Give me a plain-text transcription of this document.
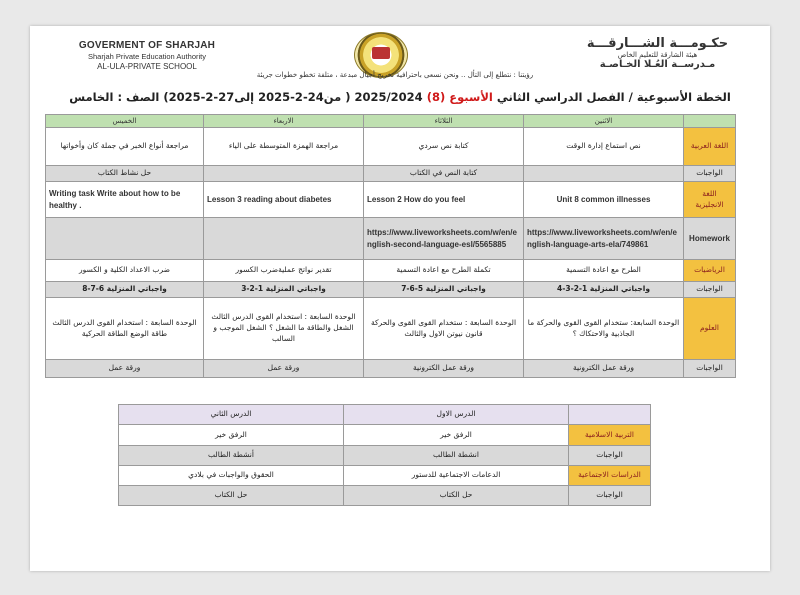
GOVERMENT OF SHARJAH
Sharjah Private Education Authority
AL-ULA-PRIVATE SCHOOL
حكـومـــة الشـــارقـــة
هيئة الشارقة للتعليم الخاص
مـدرســة العُـلا الخـاصـة
رؤيتنا : نتطلع إلى التأل .. ونحن نسعى باحترافية تخريج أجيال مبدعة ، متلفة تخطو خطوات جريئة
الخطة الأسبوعية / الفصل الدراسي الثاني الأسبوع (8) 2025/2024 ( من24-2-2025 إلى27-2-2025) الصف : الخامس
	الاثنين	الثلاثاء	الاربعاء	الخميس
اللغة العربية	نص استماع إدارة الوقت	كتابة نص سردي	مراجعة الهمزة المتوسطة على الياء	مراجعة أنواع الخبر في جملة كان وأخواتها
الواجبات		كتابة النص في الكتاب		حل نشاط الكتاب
اللغة الانجليزية	Unit 8 common illnesses	Lesson 2 How do you feel	Lesson 3 reading about diabetes	Writing task Write about how to be healthy .
Homework	https://www.liveworksheets.com/w/en/english-language-arts-ela/749861	https://www.liveworksheets.com/w/en/english-second-language-esl/5565885		
الرياضيات	الطرح مع اعادة التسمية	تكملة الطرح مع اعادة التسمية	تقدير نواتج عمليةضرب الكسور	ضرب الاعداد الكلية و الكسور
الواجبات	واجباتي المنزلية 1-2-3-4	واجباتي المنزلية 5-6-7	واجباتي المنزلية 1-2-3	واجباتي المنزلية 6-7-8
العلوم	الوحدة السابعة: ستخدام القوى القوى والحركة ما الجاذبية والاحتكاك ؟	الوحدة السابعة : ستخدام القوى القوى والحركة قانون نيوتن الاول والثالث	الوحدة السابعة : استخدام القوى الدرس الثالث الشغل والطاقة ما الشغل ؟ الشغل الموجب و السالب	الوحدة السابعة : استخدام القوى الدرس الثالث طاقة الوضع الطاقة الحركية
الواجبات	ورقة عمل الكترونية	ورقة عمل الكترونية	ورقة عمل	ورقة عمل
	الدرس الاول	الدرس الثاني
التربية الاسلامية	الرفق خير	الرفق خير
الواجبات	انشطة الطالب	أنشطة الطالب
الدراسات الاجتماعية	الدعامات الاجتماعية للدستور	الحقوق والواجبات في بلادي
الواجبات	حل الكتاب	حل الكتاب
